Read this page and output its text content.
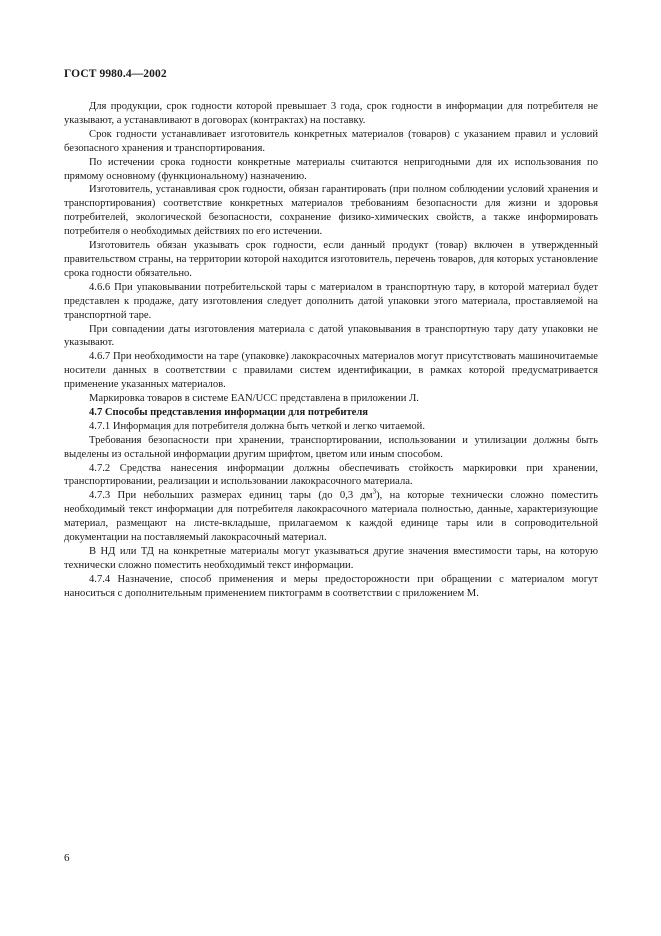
ГОСТ 9980.4—2002

Для продукции, срок годности которой превышает 3 года, срок годности в информации для потребителя не указывают, а устанавливают в договорах (контрактах) на поставку.

Срок годности устанавливает изготовитель конкретных материалов (товаров) с указанием правил и условий безопасного хранения и транспортирования.

По истечении срока годности конкретные материалы считаются непригодными для их использования по прямому основному (функциональному) назначению.

Изготовитель, устанавливая срок годности, обязан гарантировать (при полном соблюдении условий хранения и транспортирования) соответствие конкретных материалов требованиям безопасности для жизни и здоровья потребителей, экологической безопасности, сохранение физико-химических свойств, а также информировать потребителя о необходимых действиях по его истечении.

Изготовитель обязан указывать срок годности, если данный продукт (товар) включен в утвержденный правительством страны, на территории которой находится изготовитель, перечень товаров, для которых установление срока годности обязательно.

4.6.6 При упаковывании потребительской тары с материалом в транспортную тару, в которой материал будет представлен к продаже, дату изготовления следует дополнить датой упаковки этого материала, проставляемой на транспортной таре.

При совпадении даты изготовления материала с датой упаковывания в транспортную тару дату упаковки не указывают.

4.6.7 При необходимости на таре (упаковке) лакокрасочных материалов могут присутствовать машиночитаемые носители данных в соответствии с правилами систем идентификации, в рамках которой предусматривается применение указанных материалов.

Маркировка товаров в системе EAN/UCC представлена в приложении Л.

4.7 Способы представления информации для потребителя

4.7.1 Информация для потребителя должна быть четкой и легко читаемой.

Требования безопасности при хранении, транспортировании, использовании и утилизации должны быть выделены из остальной информации другим шрифтом, цветом или иным способом.

4.7.2 Средства нанесения информации должны обеспечивать стойкость маркировки при хранении, транспортировании, реализации и использовании лакокрасочного материала.

4.7.3 При небольших размерах единиц тары (до 0,3 $дм^3$), на которые технически сложно поместить необходимый текст информации для потребителя лакокрасочного материала полностью, данные, характеризующие материал, размещают на листе-вкладыше, прилагаемом к каждой единице тары или в сопроводительной документации на поставляемый лакокрасочный материал.

В НД или ТД на конкретные материалы могут указываться другие значения вместимости тары, на которую технически сложно поместить необходимый текст информации.

4.7.4 Назначение, способ применения и меры предосторожности при обращении с материалом могут наноситься с дополнительным применением пиктограмм в соответствии с приложением М.

6
